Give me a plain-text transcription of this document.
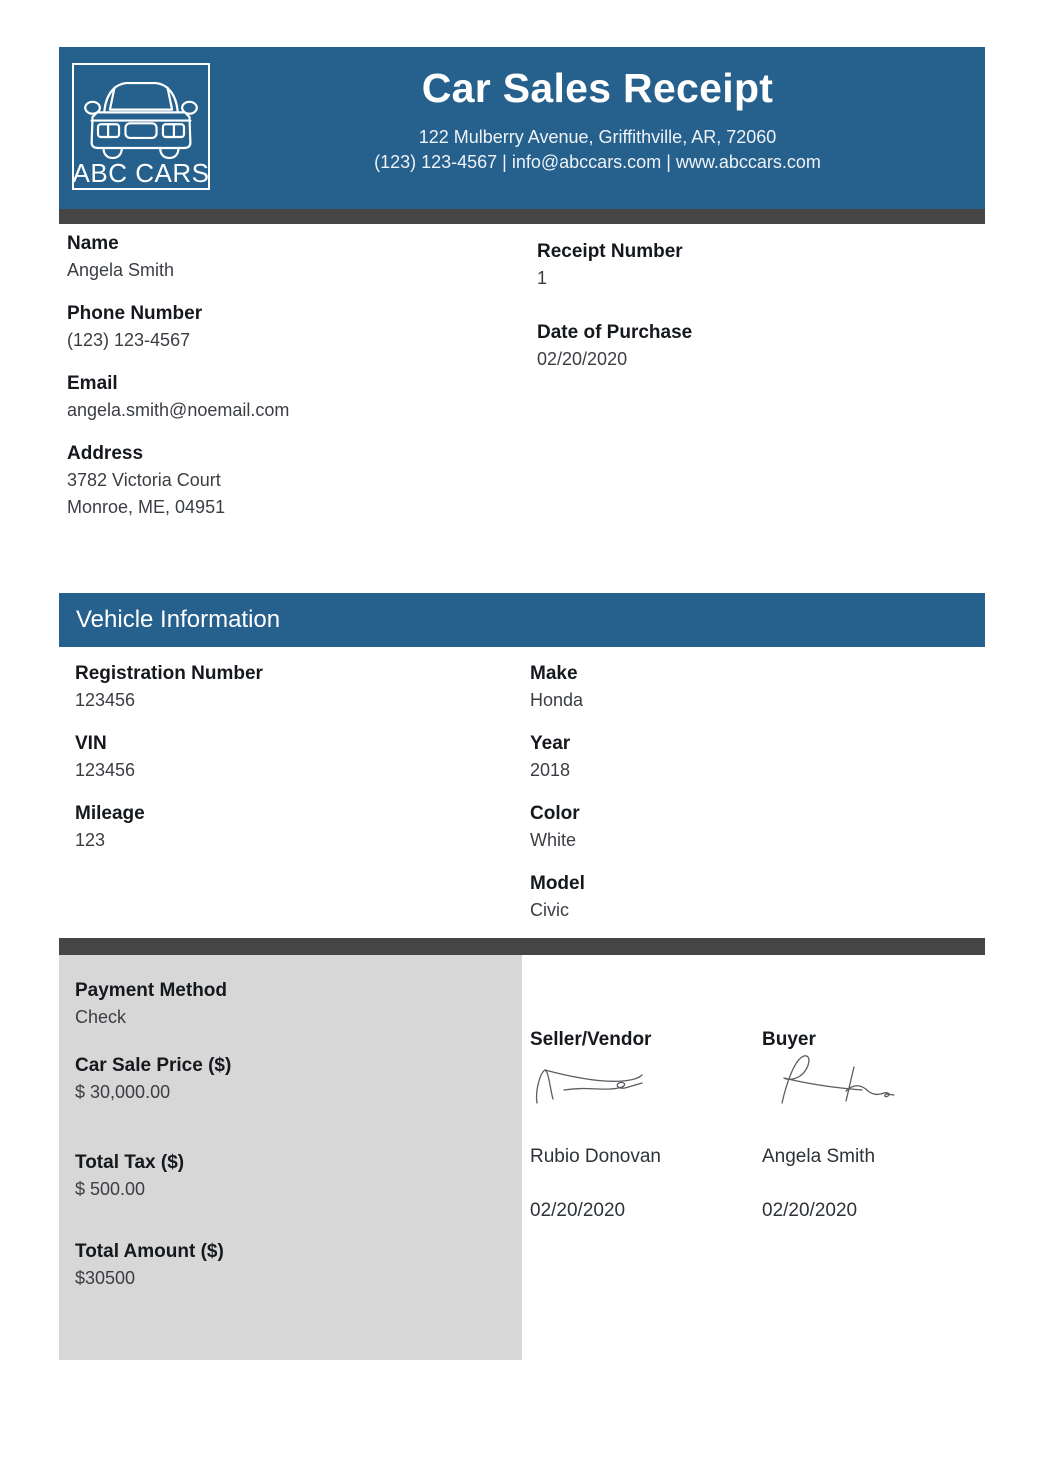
ABC CARS
Car Sales Receipt
122 Mulberry Avenue, Griffithville, AR, 72060
(123) 123-4567 | info@abccars.com | www.abccars.com
Name
Angela Smith
Phone Number
(123) 123-4567
Email
angela.smith@noemail.com
Address
3782 Victoria Court
Monroe, ME, 04951
Receipt Number
1
Date of Purchase
02/20/2020
Vehicle Information
Registration Number
123456
VIN
123456
Mileage
123
Make
Honda
Year
2018
Color
White
Model
Civic
Payment Method
Check
Car Sale Price ($)
$ 30,000.00
Total Tax ($)
$ 500.00
Total Amount ($)
$30500
Seller/Vendor
Rubio Donovan
02/20/2020
Buyer
Angela Smith
02/20/2020
